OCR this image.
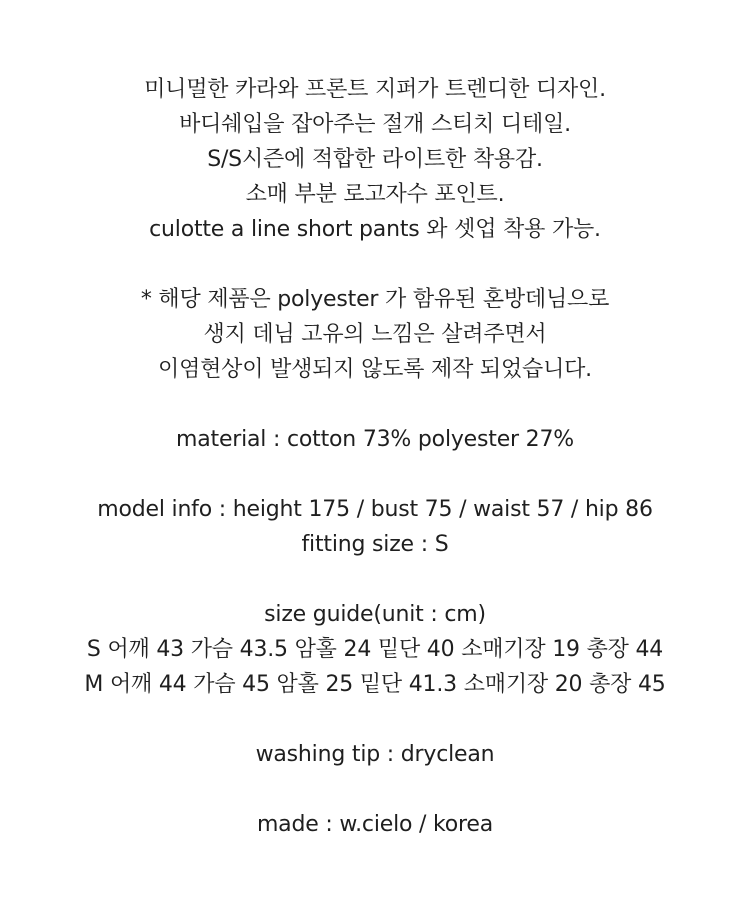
미니멀한 카라와 프론트 지퍼가 트렌디한 디자인.
바디쉐입을 잡아주는 절개 스티치 디테일.
S/S시즌에 적합한 라이트한 착용감.
소매 부분 로고자수 포인트.
culotte a line short pants 와 셋업 착용 가능.
* 해당 제품은 polyester 가 함유된 혼방데님으로
생지 데님 고유의 느낌은 살려주면서
이염현상이 발생되지 않도록 제작 되었습니다.
material : cotton 73% polyester 27%
model info : height 175 / bust 75 / waist 57 / hip 86
fitting size : S
size guide(unit : cm)
S 어깨 43 가슴 43.5 암홀 24 밑단 40 소매기장 19 총장 44
M 어깨 44 가슴 45 암홀 25 밑단 41.3 소매기장 20 총장 45
washing tip : dryclean
made : w.cielo / korea
